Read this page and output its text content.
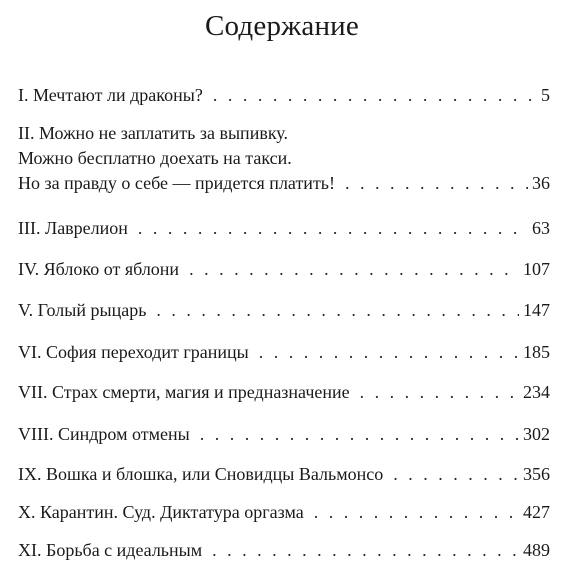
Содержание
I. Мечтают ли драконы? . . .	5
II. Можно не заплатить за выпивку.
Можно бесплатно доехать на такси.
Но за правду о себе — придется платить! . . .	36
III. Лаврелион . . .	63
IV. Яблоко от яблони . . .	107
V. Голый рыцарь . . .	147
VI. София переходит границы . . .	185
VII. Страх смерти, магия и предназначение . . .	234
VIII. Синдром отмены . . .	302
IX. Вошка и блошка, или Сновидцы Вальмонсо . . .	356
X. Карантин. Суд. Диктатура оргазма . . .	427
XI. Борьба с идеальным . . .	489
